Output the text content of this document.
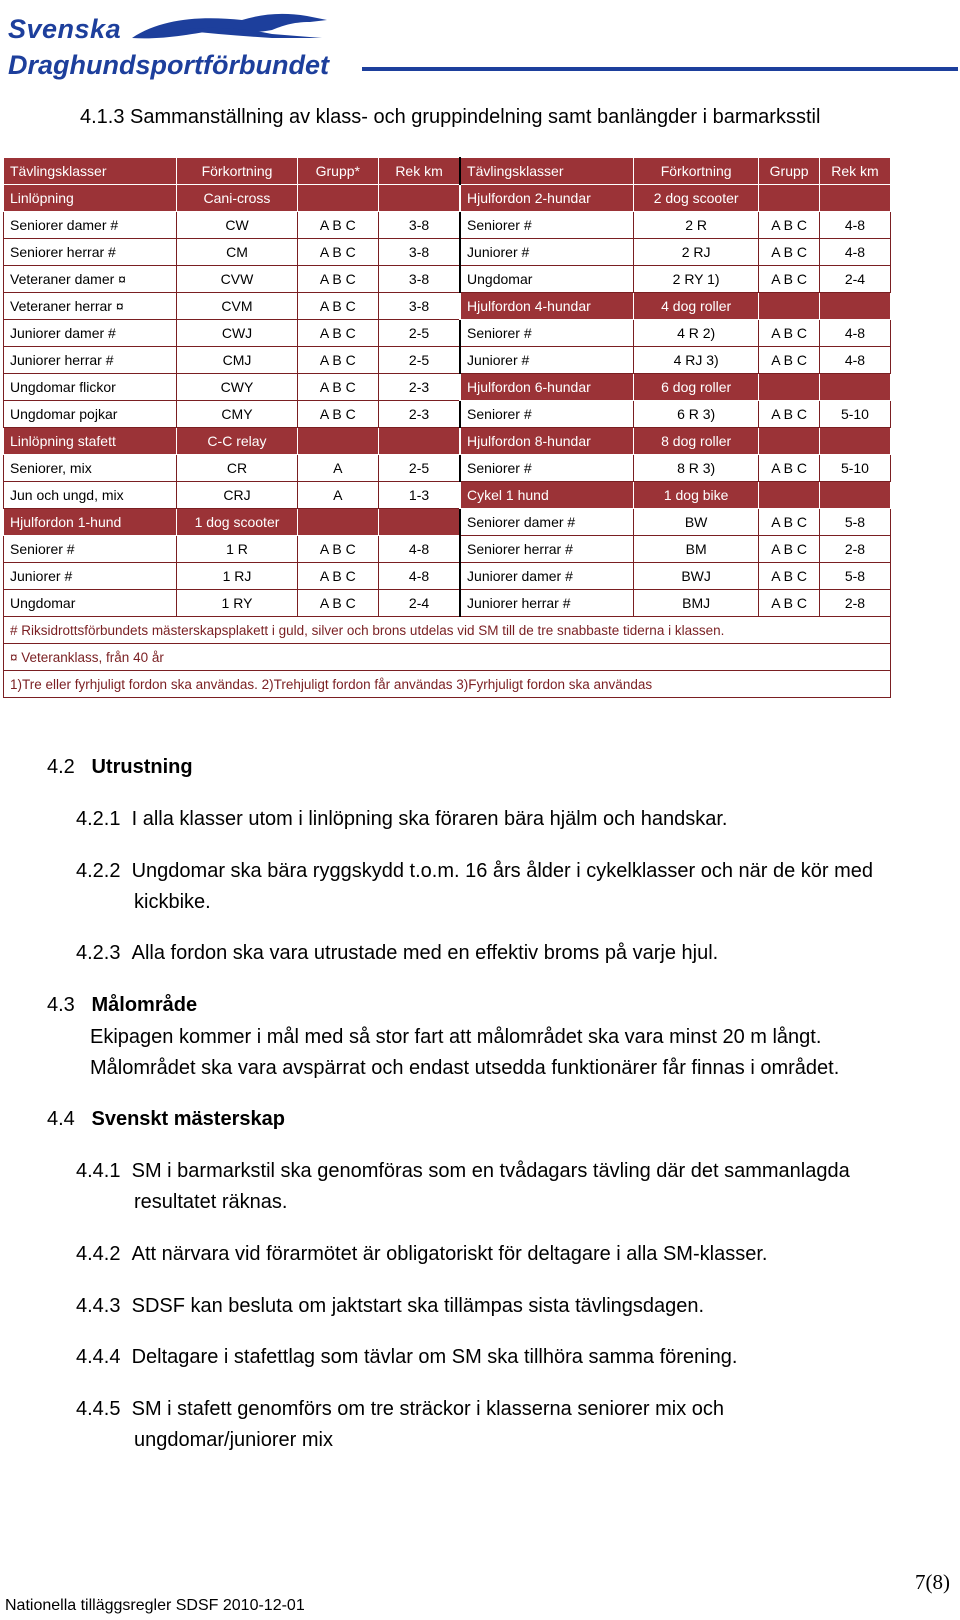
Svenska
Draghundsportförbundet
4.1.3 Sammanställning av klass- och gruppindelning samt banlängder i barmarksstil
Tävlingsklasser	Förkortning	Grupp*	Rek km	Tävlingsklasser	Förkortning	Grupp	Rek km
Linlöpning	Cani-cross			Hjulfordon 2-hundar	2 dog scooter		
Seniorer damer #	CW	A B C	3-8	Seniorer #	2 R	A B C	4-8
Seniorer herrar #	CM	A B C	3-8	Juniorer #	2 RJ	A B C	4-8
Veteraner damer ¤	CVW	A B C	3-8	Ungdomar	2 RY 1)	A B C	2-4
Veteraner herrar ¤	CVM	A B C	3-8	Hjulfordon 4-hundar	4 dog roller		
Juniorer damer #	CWJ	A B C	2-5	Seniorer #	4 R 2)	A B C	4-8
Juniorer herrar #	CMJ	A B C	2-5	Juniorer #	4 RJ 3)	A B C	4-8
Ungdomar flickor	CWY	A B C	2-3	Hjulfordon 6-hundar	6 dog roller		
Ungdomar pojkar	CMY	A B C	2-3	Seniorer #	6 R 3)	A B C	5-10
Linlöpning stafett	C-C relay			Hjulfordon 8-hundar	8 dog roller		
Seniorer, mix	CR	A	2-5	Seniorer #	8 R 3)	A B C	5-10
Jun och ungd, mix	CRJ	A	1-3	Cykel 1 hund	1 dog bike		
Hjulfordon 1-hund	1 dog scooter			Seniorer damer #	BW	A B C	5-8
Seniorer #	1 R	A B C	4-8	Seniorer herrar #	BM	A B C	2-8
Juniorer #	1 RJ	A B C	4-8	Juniorer damer #	BWJ	A B C	5-8
Ungdomar	1 RY	A B C	2-4	Juniorer herrar #	BMJ	A B C	2-8
# Riksidrottsförbundets mästerskapsplakett i guld, silver och brons utdelas vid SM till de tre snabbaste tiderna i klassen.							
¤ Veteranklass, från 40 år							
1)Tre eller fyrhjuligt fordon ska användas. 2)Trehjuligt fordon får användas 3)Fyrhjuligt fordon ska användas							
4.2 Utrustning
4.2.1 I alla klasser utom i linlöpning ska föraren bära hjälm och handskar.
4.2.2 Ungdomar ska bära ryggskydd t.o.m. 16 års ålder i cykelklasser och när de kör med
kickbike.
4.2.3 Alla fordon ska vara utrustade med en effektiv broms på varje hjul.
4.3 Målområde
Ekipagen kommer i mål med så stor fart att målområdet ska vara minst 20 m långt.
Målområdet ska vara avspärrat och endast utsedda funktionärer får finnas i området.
4.4 Svenskt mästerskap
4.4.1 SM i barmarkstil ska genomföras som en tvådagars tävling där det sammanlagda
resultatet räknas.
4.4.2 Att närvara vid förarmötet är obligatoriskt för deltagare i alla SM-klasser.
4.4.3 SDSF kan besluta om jaktstart ska tillämpas sista tävlingsdagen.
4.4.4 Deltagare i stafettlag som tävlar om SM ska tillhöra samma förening.
4.4.5 SM i stafett genomförs om tre sträckor i klasserna seniorer mix och
ungdomar/juniorer mix
7(8)
Nationella tilläggsregler SDSF 2010-12-01
